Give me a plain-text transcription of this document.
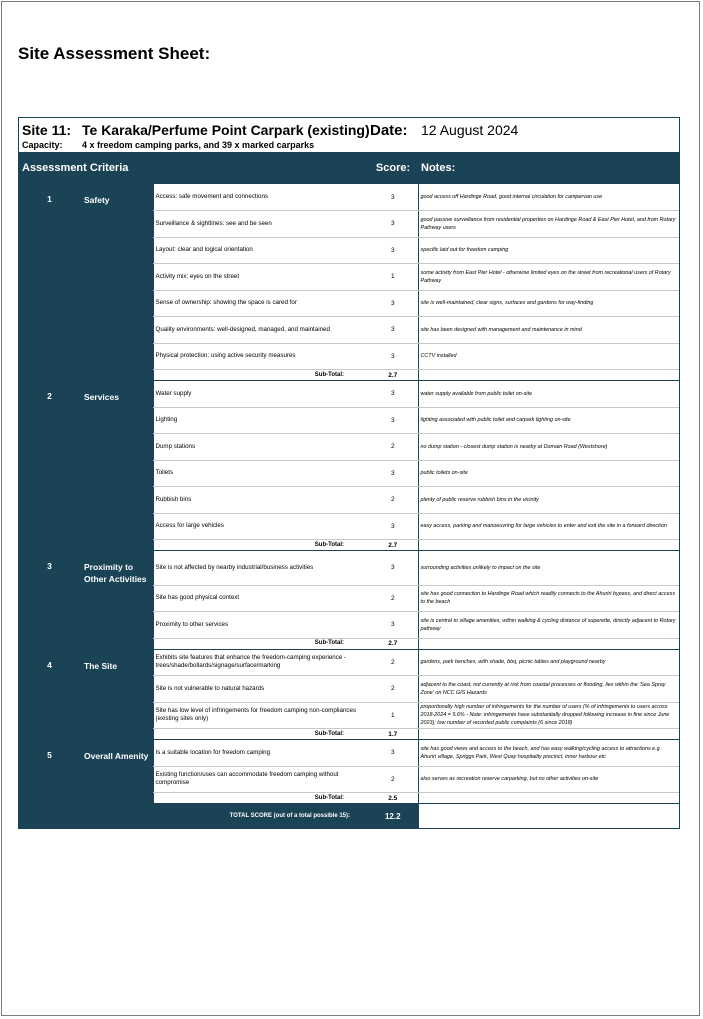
Site Assessment Sheet:
Site 11: Te Karaka/Perfume Point Carpark (existing) Date: 12 August 2024
Capacity: 4 x freedom camping parks, and 39 x marked carparks
Assessment Criteria			Score:	Notes:
1	Safety	Access: safe movement and connections	3	good access off Hardinge Road, good internal circulation for campervan use
		Surveillance & sightlines: see and be seen	3	good passive surveillance from residential properties on Hardinge Road & East Pier Hotel, and from Rotary Pathway users
		Layout: clear and logical orientation	3	specific laid out for freedom camping
		Activity mix: eyes on the street	1	some activity from East Pier Hotel - otherwise limited eyes on the street from recreational users of Rotary Pathway
		Sense of ownership: showing the space is cared for	3	site is well-maintained, clear signs, surfaces and gardens for way-finding
		Quality environments: well-designed, managed, and maintained	3	site has been designed with management and maintenance in mind
		Physical protection: using active security measures	3	CCTV installed
		Sub-Total:	2.7	
2	Services	Water supply	3	water supply available from public toilet on-site
		Lighting	3	lighting associated with public toilet and carpark lighting on-site
		Dump stations	2	no dump station - closest dump station is nearby at Domain Road (Westshore)
		Toilets	3	public toilets on-site
		Rubbish bins	2	plenty of public reserve rubbish bins in the vicinity
		Access for large vehicles	3	easy access, parking and manoeuvring for large vehicles to enter and exit the site in a forward direction
		Sub-Total:	2.7	
3	Proximity to Other Activities	Site is not affected by nearby industrial/business activities	3	surrounding activities unlikely to impact on the site
		Site has good physical context	2	site has good connection to Hardinge Road which readily connects to the Ahuriri bypass, and direct access to the beach
		Proximity to other services	3	site is central to village amenities, within walking & cycling distance of superette, directly adjacent to Rotary pathway
		Sub-Total:	2.7	
4	The Site	Exhibits site features that enhance the freedom-camping experience - trees/shade/bollards/signage/surface/marking	2	gardens, park benches, with shade, bbq, picnic tables and playground nearby
		Site is not vulnerable to natural hazards	2	adjacent to the coast, not currently at risk from coastal processes or flooding, lies within the 'Sea Spray Zone' on NCC GIS Hazards
		Site has low level of infringements for freedom camping non-compliances (existing sites only)	1	proportionally high number of infringements for the number of users (% of infringements to users across 2018-2024 = 5.6% - Note: infringements have substantially dropped following increase in fine since June 2023); low number of recorded public complaints (6 since 2018)
		Sub-Total:	1.7	
5	Overall Amenity	Is a suitable location for freedom camping	3	site has good views and access to the beach, and has easy walking/cycling access to attractions e.g. Ahuriri village, Spriggs Park, West Quay hospitality precinct, inner harbour etc
		Existing function/uses can accommodate freedom camping without compromise	2	also serves as recreation reserve carparking, but no other activities on-site
		Sub-Total:	2.5	
TOTAL SCORE (out of a total possible 15):			12.2	
